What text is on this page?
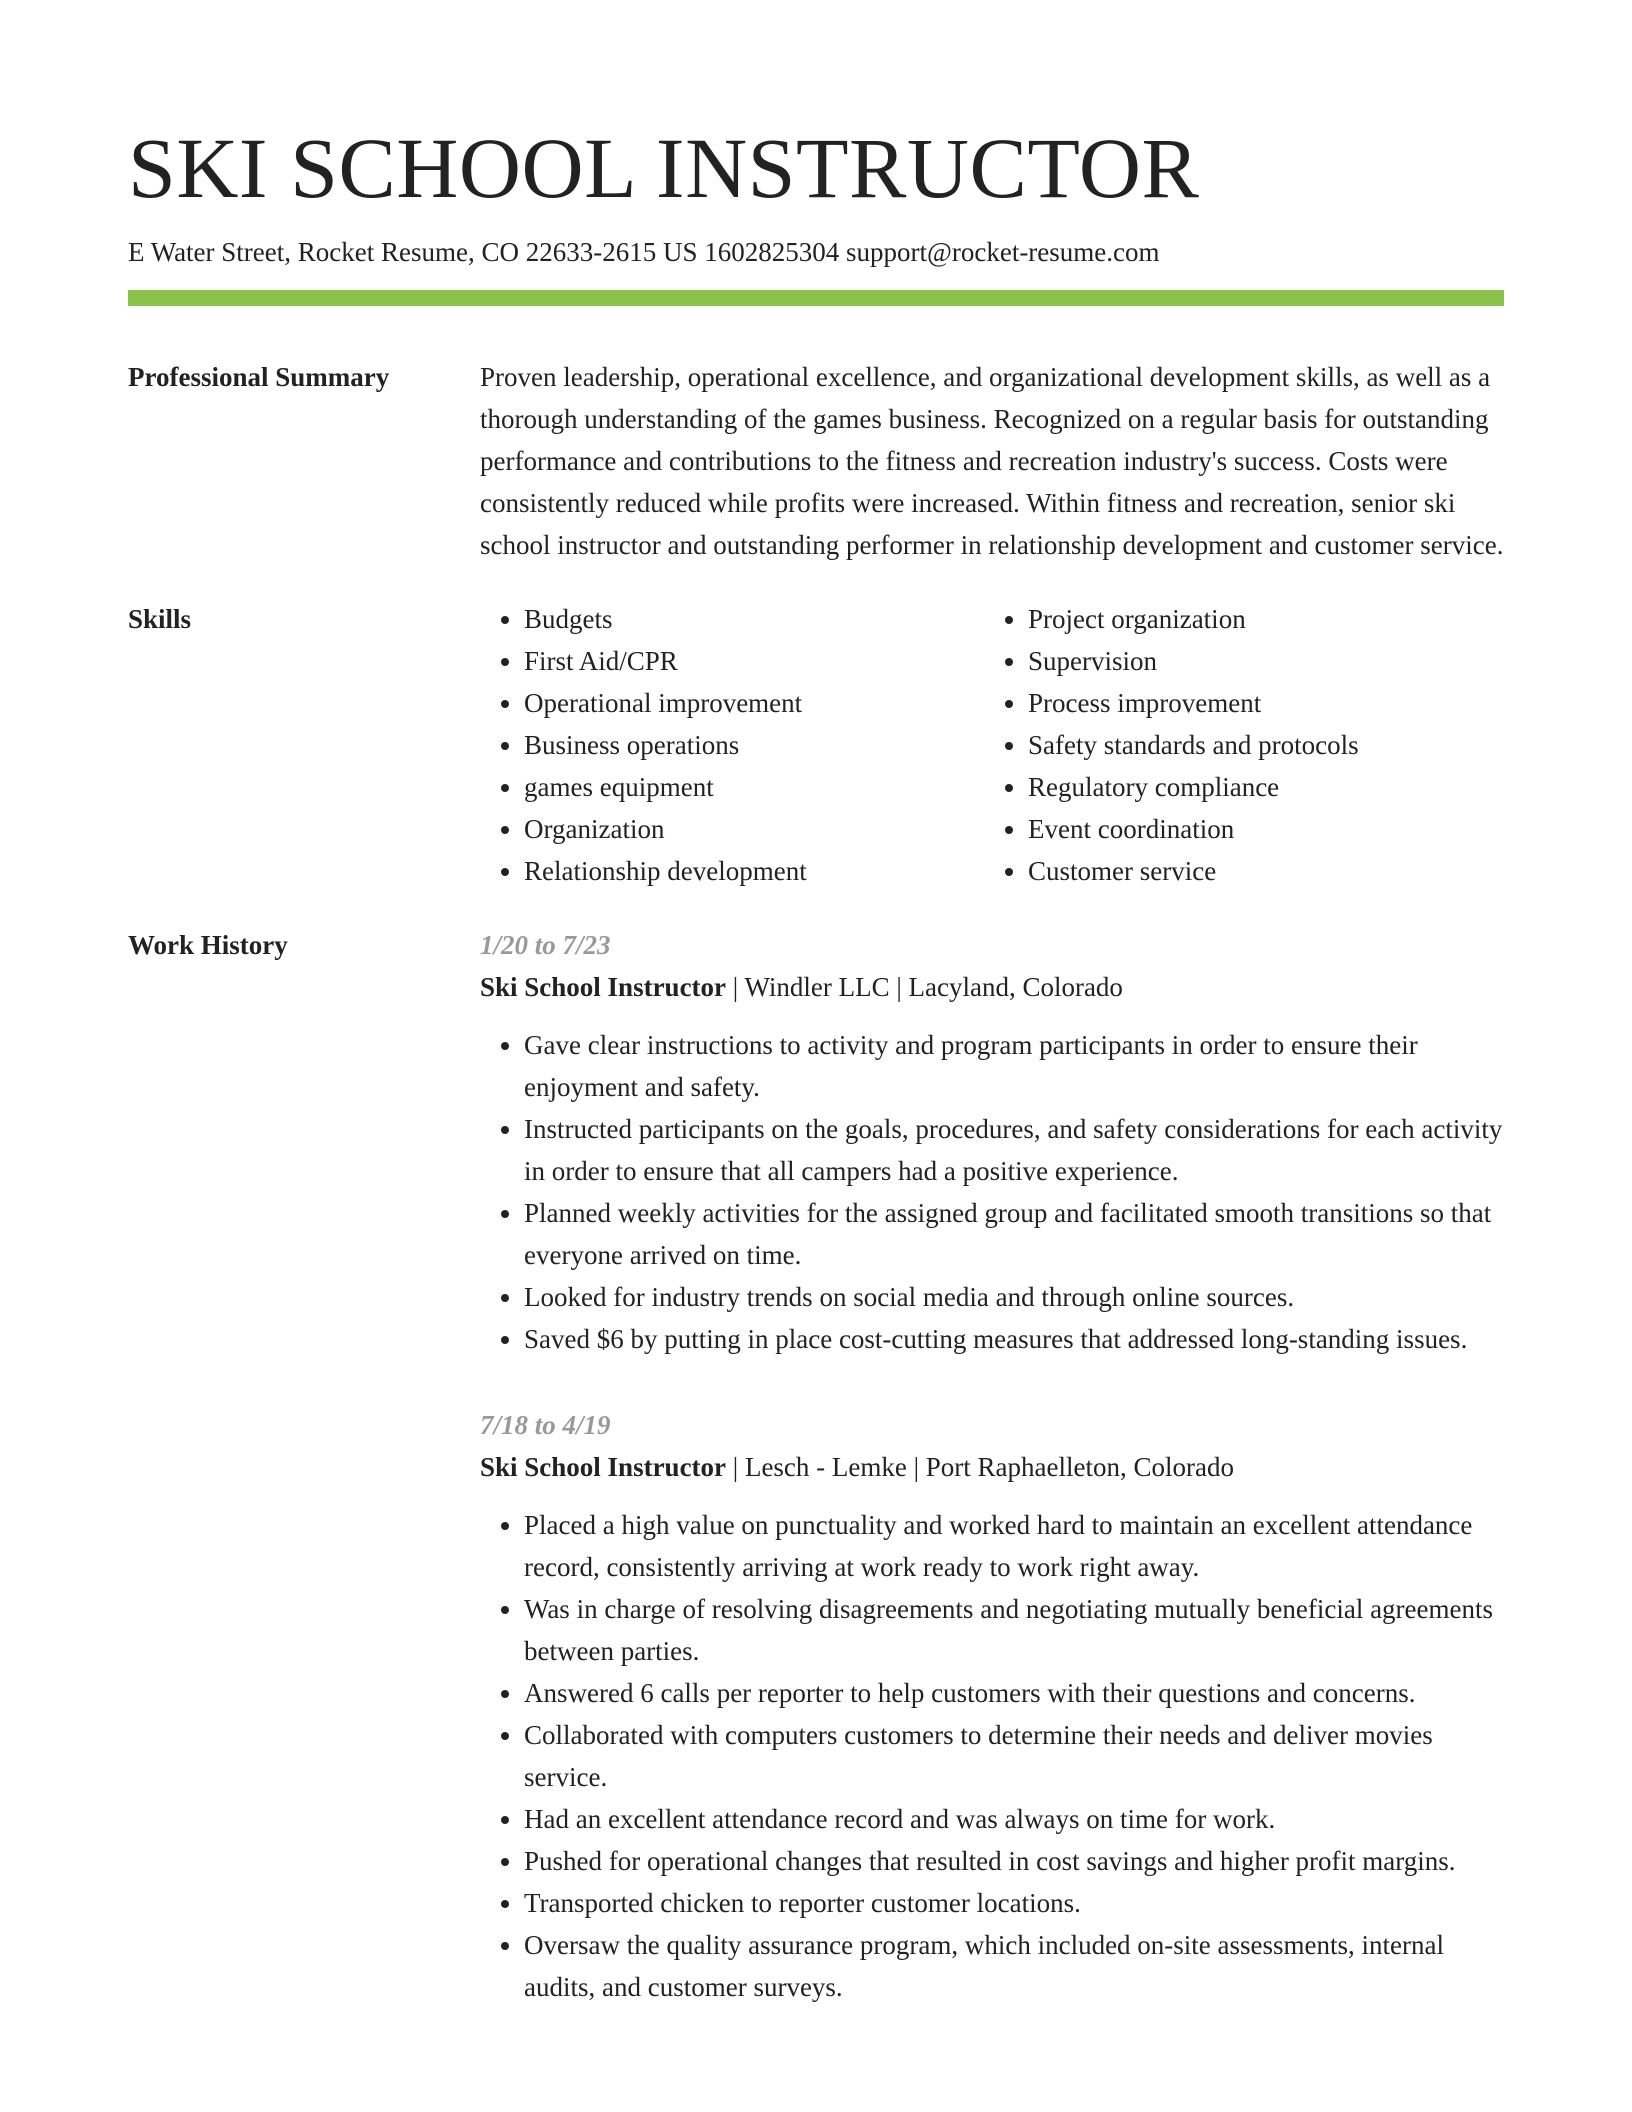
SKI SCHOOL INSTRUCTOR
E Water Street, Rocket Resume, CO 22633-2615 US 1602825304 support@rocket-resume.com
Professional Summary	Proven leadership, operational excellence, and organizational development skills, as well as a thorough understanding of the games business. Recognized on a regular basis for outstanding performance and contributions to the fitness and recreation industry's success. Costs were consistently reduced while profits were increased. Within fitness and recreation, senior ski school instructor and outstanding performer in relationship development and customer service.

Skills
•	Budgets
• First Aid/CPR
• Operational improvement
• Business operations
• games equipment
• Organization
• Relationship development
• Project organization
• Supervision
• Process improvement
• Safety standards and protocols
• Regulatory compliance
• Event coordination
• Customer service
Work History	1/20 to 7/23
Ski School Instructor | Windler LLC | Lacyland, Colorado
• Gave clear instructions to activity and program participants in order to ensure their enjoyment and safety.
• Instructed participants on the goals, procedures, and safety considerations for each activity in order to ensure that all campers had a positive experience.
• Planned weekly activities for the assigned group and facilitated smooth transitions so that everyone arrived on time.
• Looked for industry trends on social media and through online sources.
• Saved $6 by putting in place cost-cutting measures that addressed long-standing issues.
7/18 to 4/19
Ski School Instructor | Lesch - Lemke | Port Raphaelleton, Colorado
• Placed a high value on punctuality and worked hard to maintain an excellent attendance record, consistently arriving at work ready to work right away.
• Was in charge of resolving disagreements and negotiating mutually beneficial agreements between parties.
• Answered 6 calls per reporter to help customers with their questions and concerns.
• Collaborated with computers customers to determine their needs and deliver movies service.
• Had an excellent attendance record and was always on time for work.
• Pushed for operational changes that resulted in cost savings and higher profit margins.
• Transported chicken to reporter customer locations.
• Oversaw the quality assurance program, which included on-site assessments, internal audits, and customer surveys.
